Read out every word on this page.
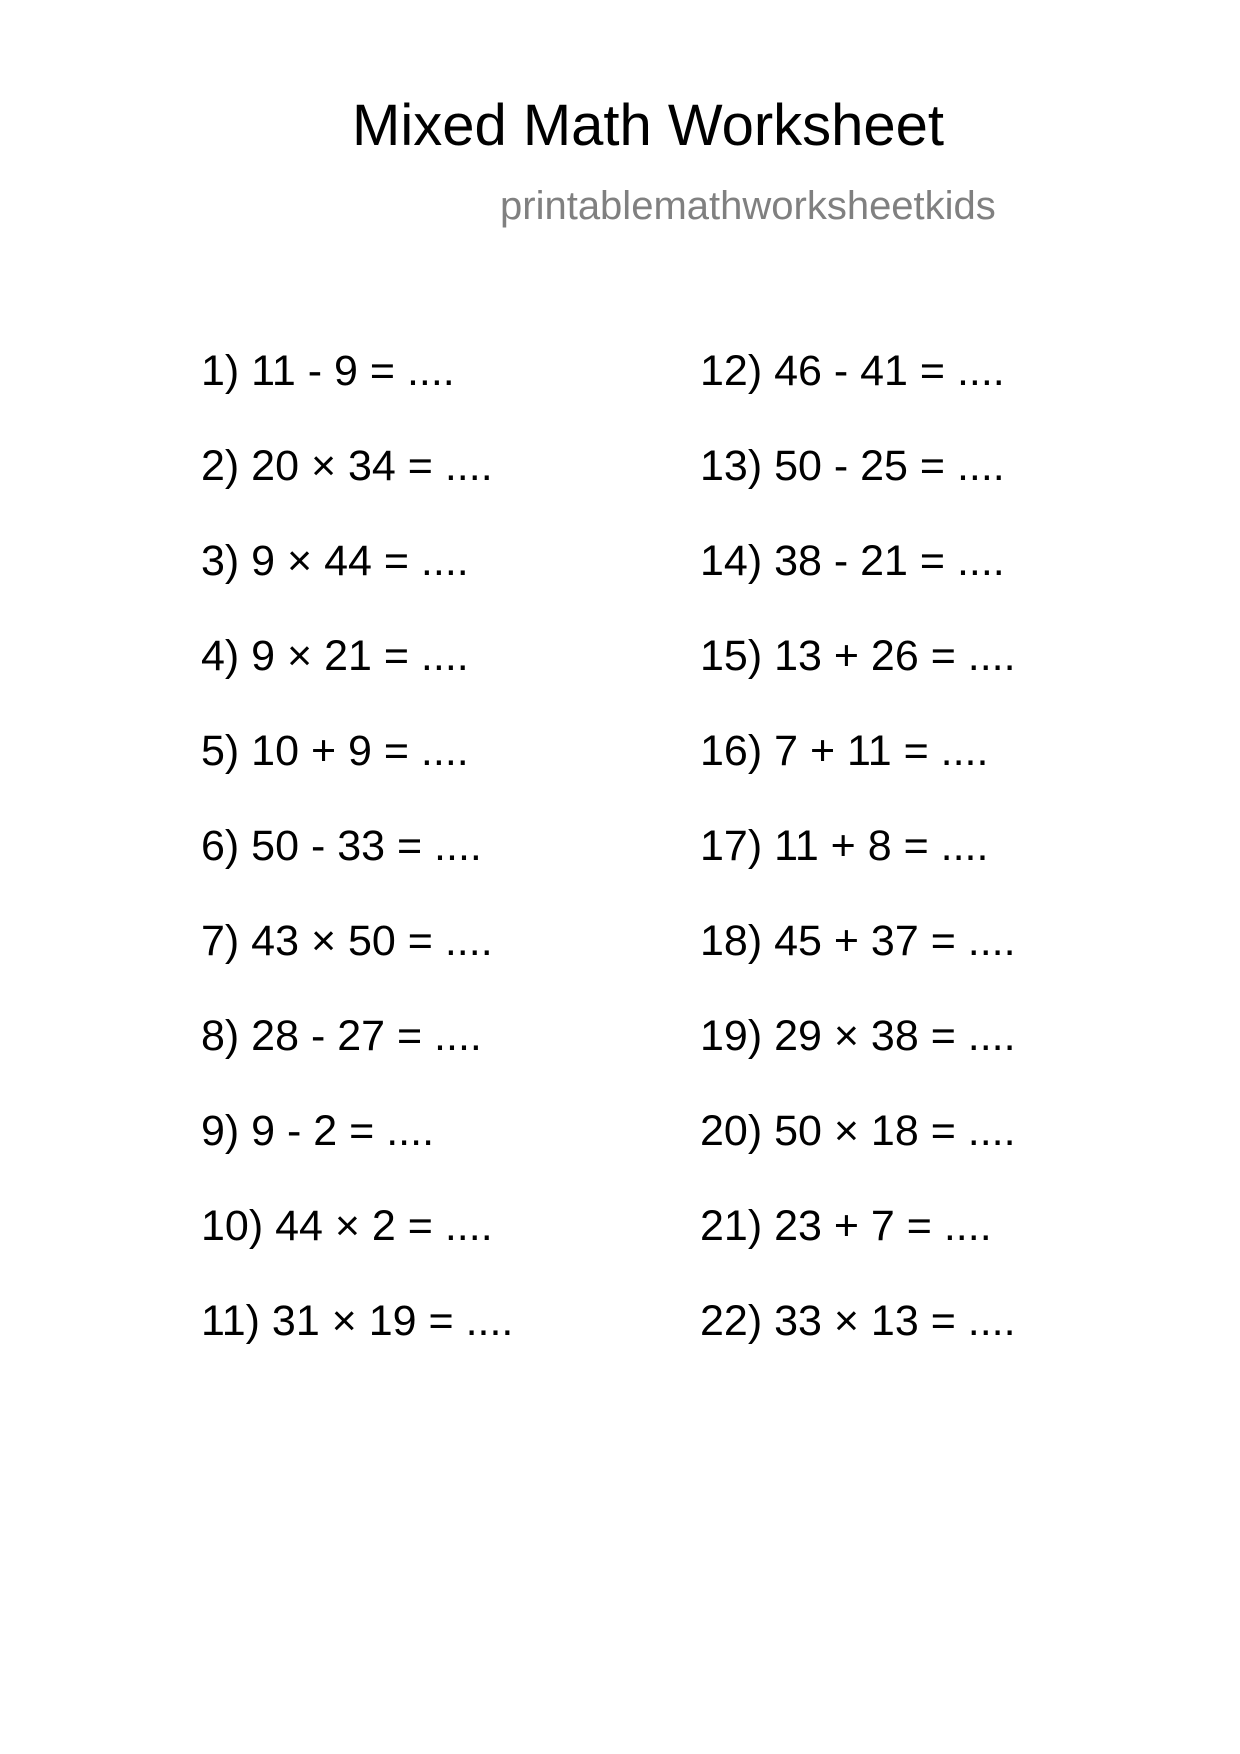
Mixed Math Worksheet
printablemathworksheetkids
1) 11 - 9 = ....
2) 20 × 34 = ....
3) 9 × 44 = ....
4) 9 × 21 = ....
5) 10 + 9 = ....
6) 50 - 33 = ....
7) 43 × 50 = ....
8) 28 - 27 = ....
9) 9 - 2 = ....
10) 44 × 2 = ....
11) 31 × 19 = ....
12) 46 - 41 = ....
13) 50 - 25 = ....
14) 38 - 21 = ....
15) 13 + 26 = ....
16) 7 + 11 = ....
17) 11 + 8 = ....
18) 45 + 37 = ....
19) 29 × 38 = ....
20) 50 × 18 = ....
21) 23 + 7 = ....
22) 33 × 13 = ....
